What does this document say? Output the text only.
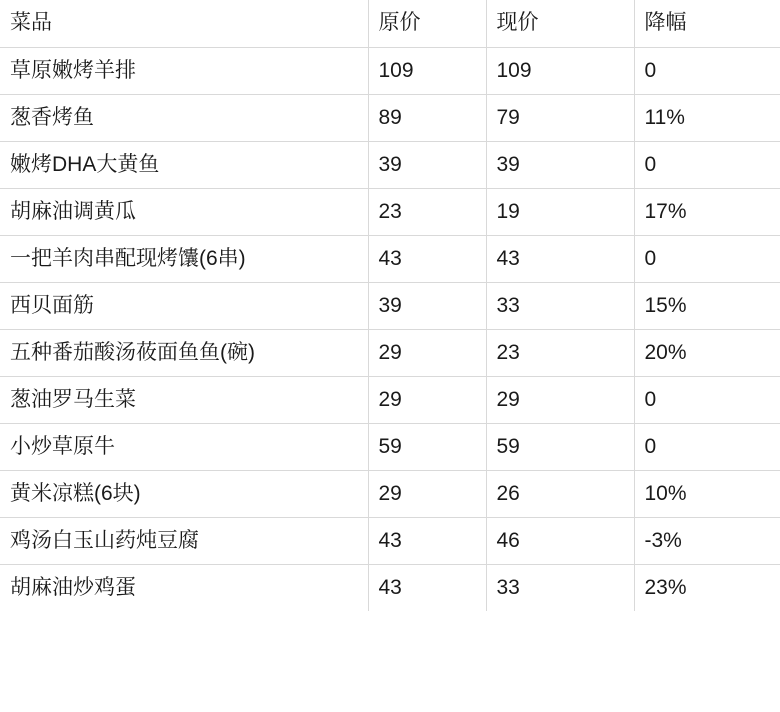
菜品	原价	现价	降幅
草原嫩烤羊排	109	109	0
葱香烤鱼	89	79	11%
嫩烤DHA大黄鱼	39	39	0
胡麻油调黄瓜	23	19	17%
一把羊肉串配现烤馕(6串)	43	43	0
西贝面筋	39	33	15%
五种番茄酸汤莜面鱼鱼(碗)	29	23	20%
葱油罗马生菜	29	29	0
小炒草原牛	59	59	0
黄米凉糕(6块)	29	26	10%
鸡汤白玉山药炖豆腐	43	46	-3%
胡麻油炒鸡蛋	43	33	23%
